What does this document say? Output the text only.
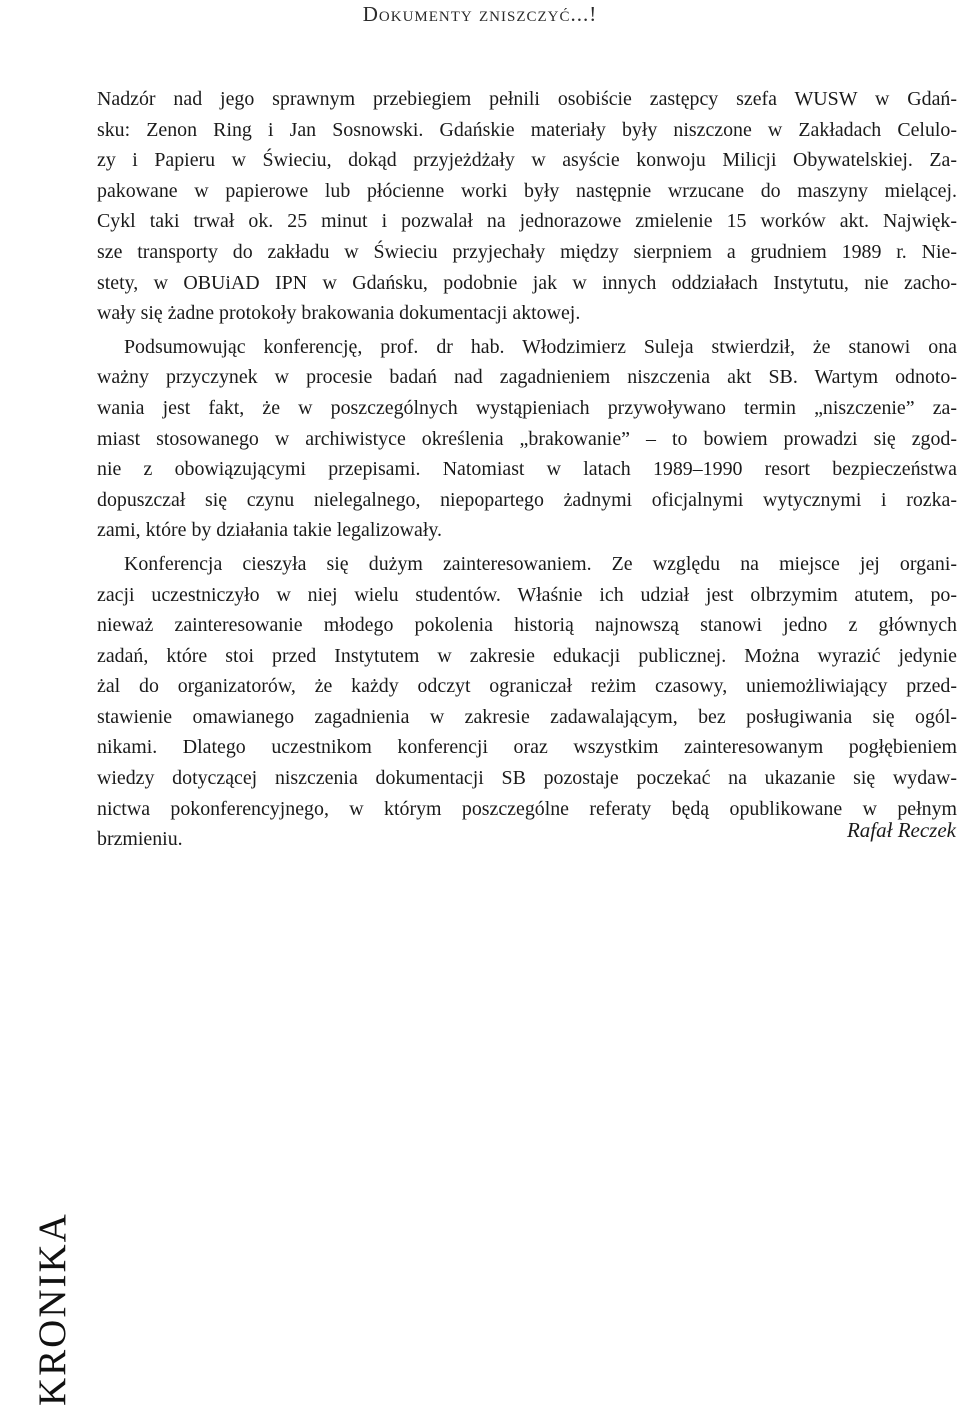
Dokumenty zniszczyć...!
Nadzór nad jego sprawnym przebiegiem pełnili osobiście zastępcy szefa WUSW w Gdań-
sku: Zenon Ring i Jan Sosnowski. Gdańskie materiały były niszczone w Zakładach Celulo-
zy i Papieru w Świeciu, dokąd przyjeżdżały w asyście konwoju Milicji Obywatelskiej. Za-
pakowane w papierowe lub płócienne worki były następnie wrzucane do maszyny mielącej.
Cykl taki trwał ok. 25 minut i pozwalał na jednorazowe zmielenie 15 worków akt. Najwięk-
sze transporty do zakładu w Świeciu przyjechały między sierpniem a grudniem 1989 r. Nie-
stety, w OBUiAD IPN w Gdańsku, podobnie jak w innych oddziałach Instytutu, nie zacho-
wały się żadne protokoły brakowania dokumentacji aktowej.
Podsumowując konferencję, prof. dr hab. Włodzimierz Suleja stwierdził, że stanowi ona
ważny przyczynek w procesie badań nad zagadnieniem niszczenia akt SB. Wartym odnoto-
wania jest fakt, że w poszczególnych wystąpieniach przywoływano termin „niszczenie” za-
miast stosowanego w archiwistyce określenia „brakowanie” – to bowiem prowadzi się zgod-
nie z obowiązującymi przepisami. Natomiast w latach 1989–1990 resort bezpieczeństwa
dopuszczał się czynu nielegalnego, niepopartego żadnymi oficjalnymi wytycznymi i rozka-
zami, które by działania takie legalizowały.
Konferencja cieszyła się dużym zainteresowaniem. Ze względu na miejsce jej organi-
zacji uczestniczyło w niej wielu studentów. Właśnie ich udział jest olbrzymim atutem, po-
nieważ zainteresowanie młodego pokolenia historią najnowszą stanowi jedno z głównych
zadań, które stoi przed Instytutem w zakresie edukacji publicznej. Można wyrazić jedynie
żal do organizatorów, że każdy odczyt ograniczał reżim czasowy, uniemożliwiający przed-
stawienie omawianego zagadnienia w zakresie zadawalającym, bez posługiwania się ogól-
nikami. Dlatego uczestnikom konferencji oraz wszystkim zainteresowanym pogłębieniem
wiedzy dotyczącej niszczenia dokumentacji SB pozostaje poczekać na ukazanie się wydaw-
nictwa pokonferencyjnego, w którym poszczególne referaty będą opublikowane w pełnym
brzmieniu.	Rafał Reczek
KRONIKA
